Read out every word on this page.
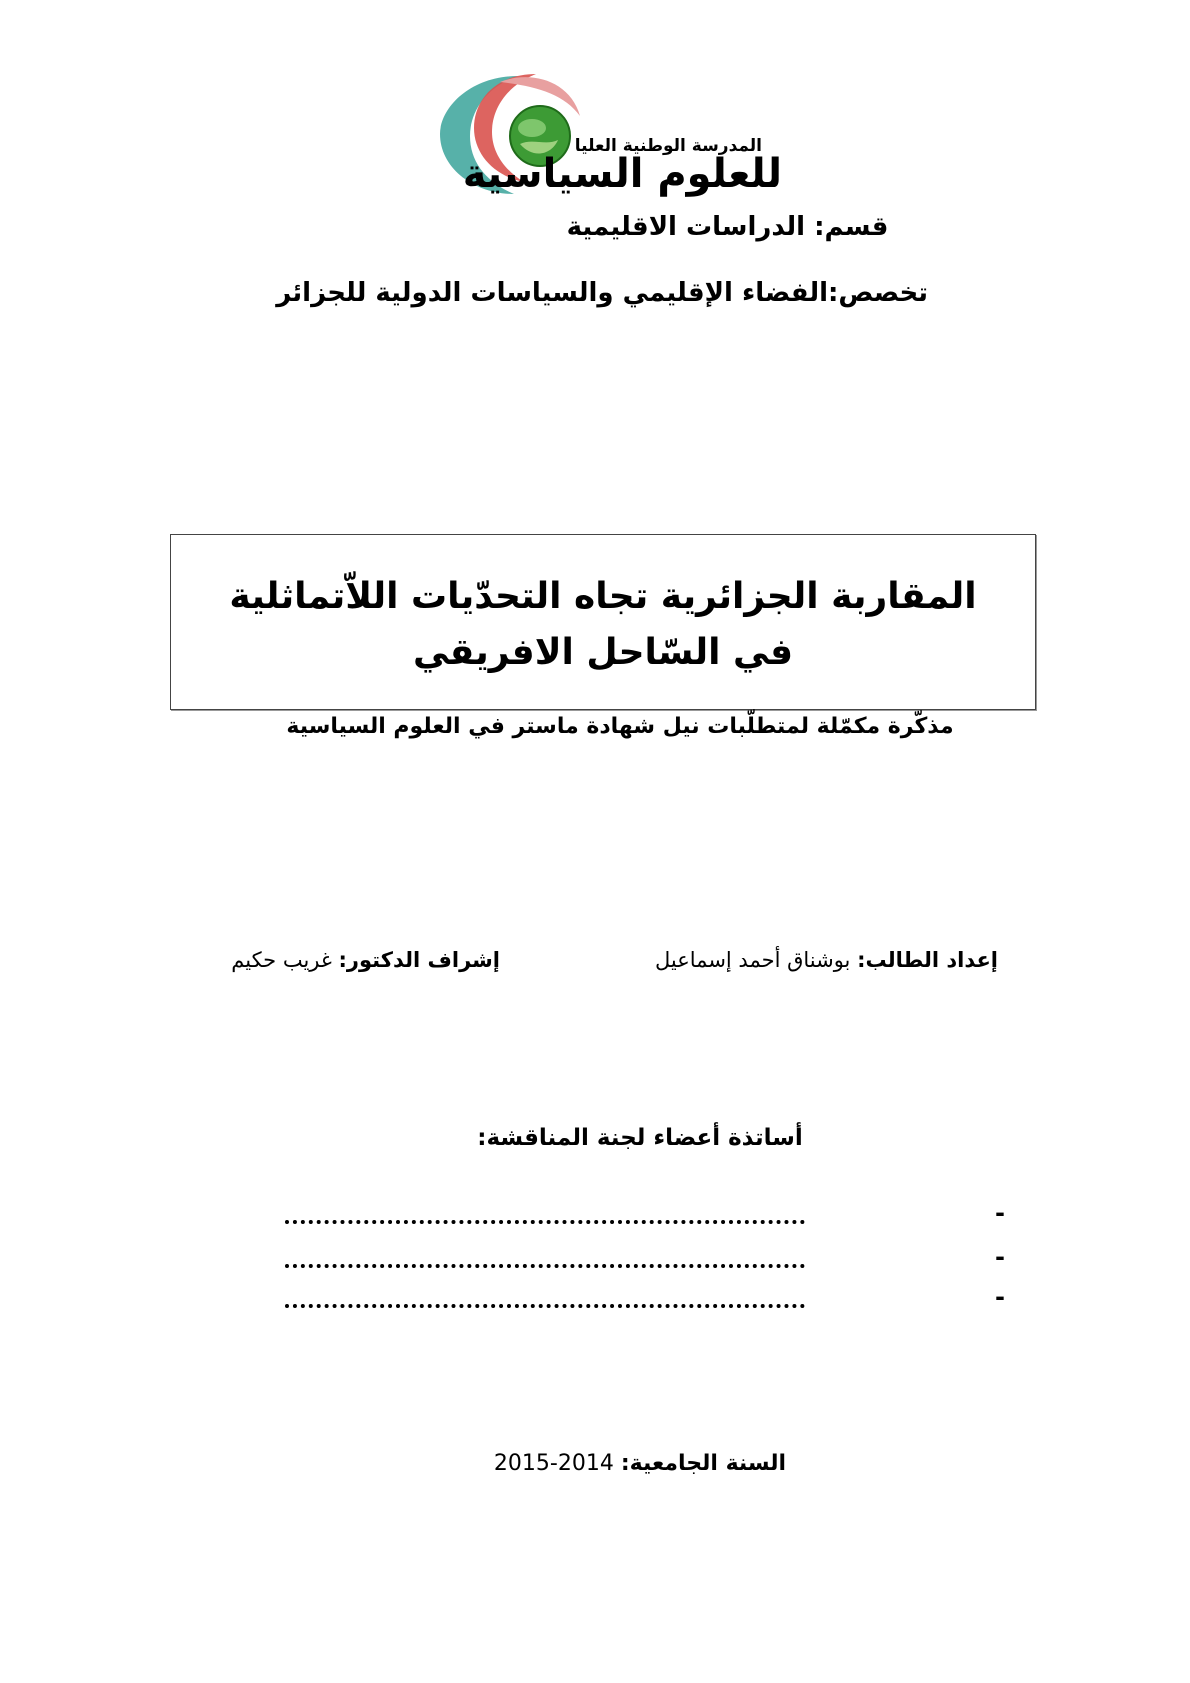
المدرسة الوطنية العليا
للعلوم السياسية
قسم: الدراسات الاقليمية
تخصص:الفضاء الإقليمي والسياسات الدولية للجزائر
المقاربة الجزائرية تجاه التحدّيات اللاّتماثلية في السّاحل الافريقي
مذكّرة مكمّلة لمتطلّبات نيل شهادة ماستر في العلوم السياسية
إعداد الطالب: بوشناق أحمد إسماعيل
إشراف الدكتور: غريب حكيم
أساتذة أعضاء لجنة المناقشة:
-
-
-
السنة الجامعية: 2014-2015
